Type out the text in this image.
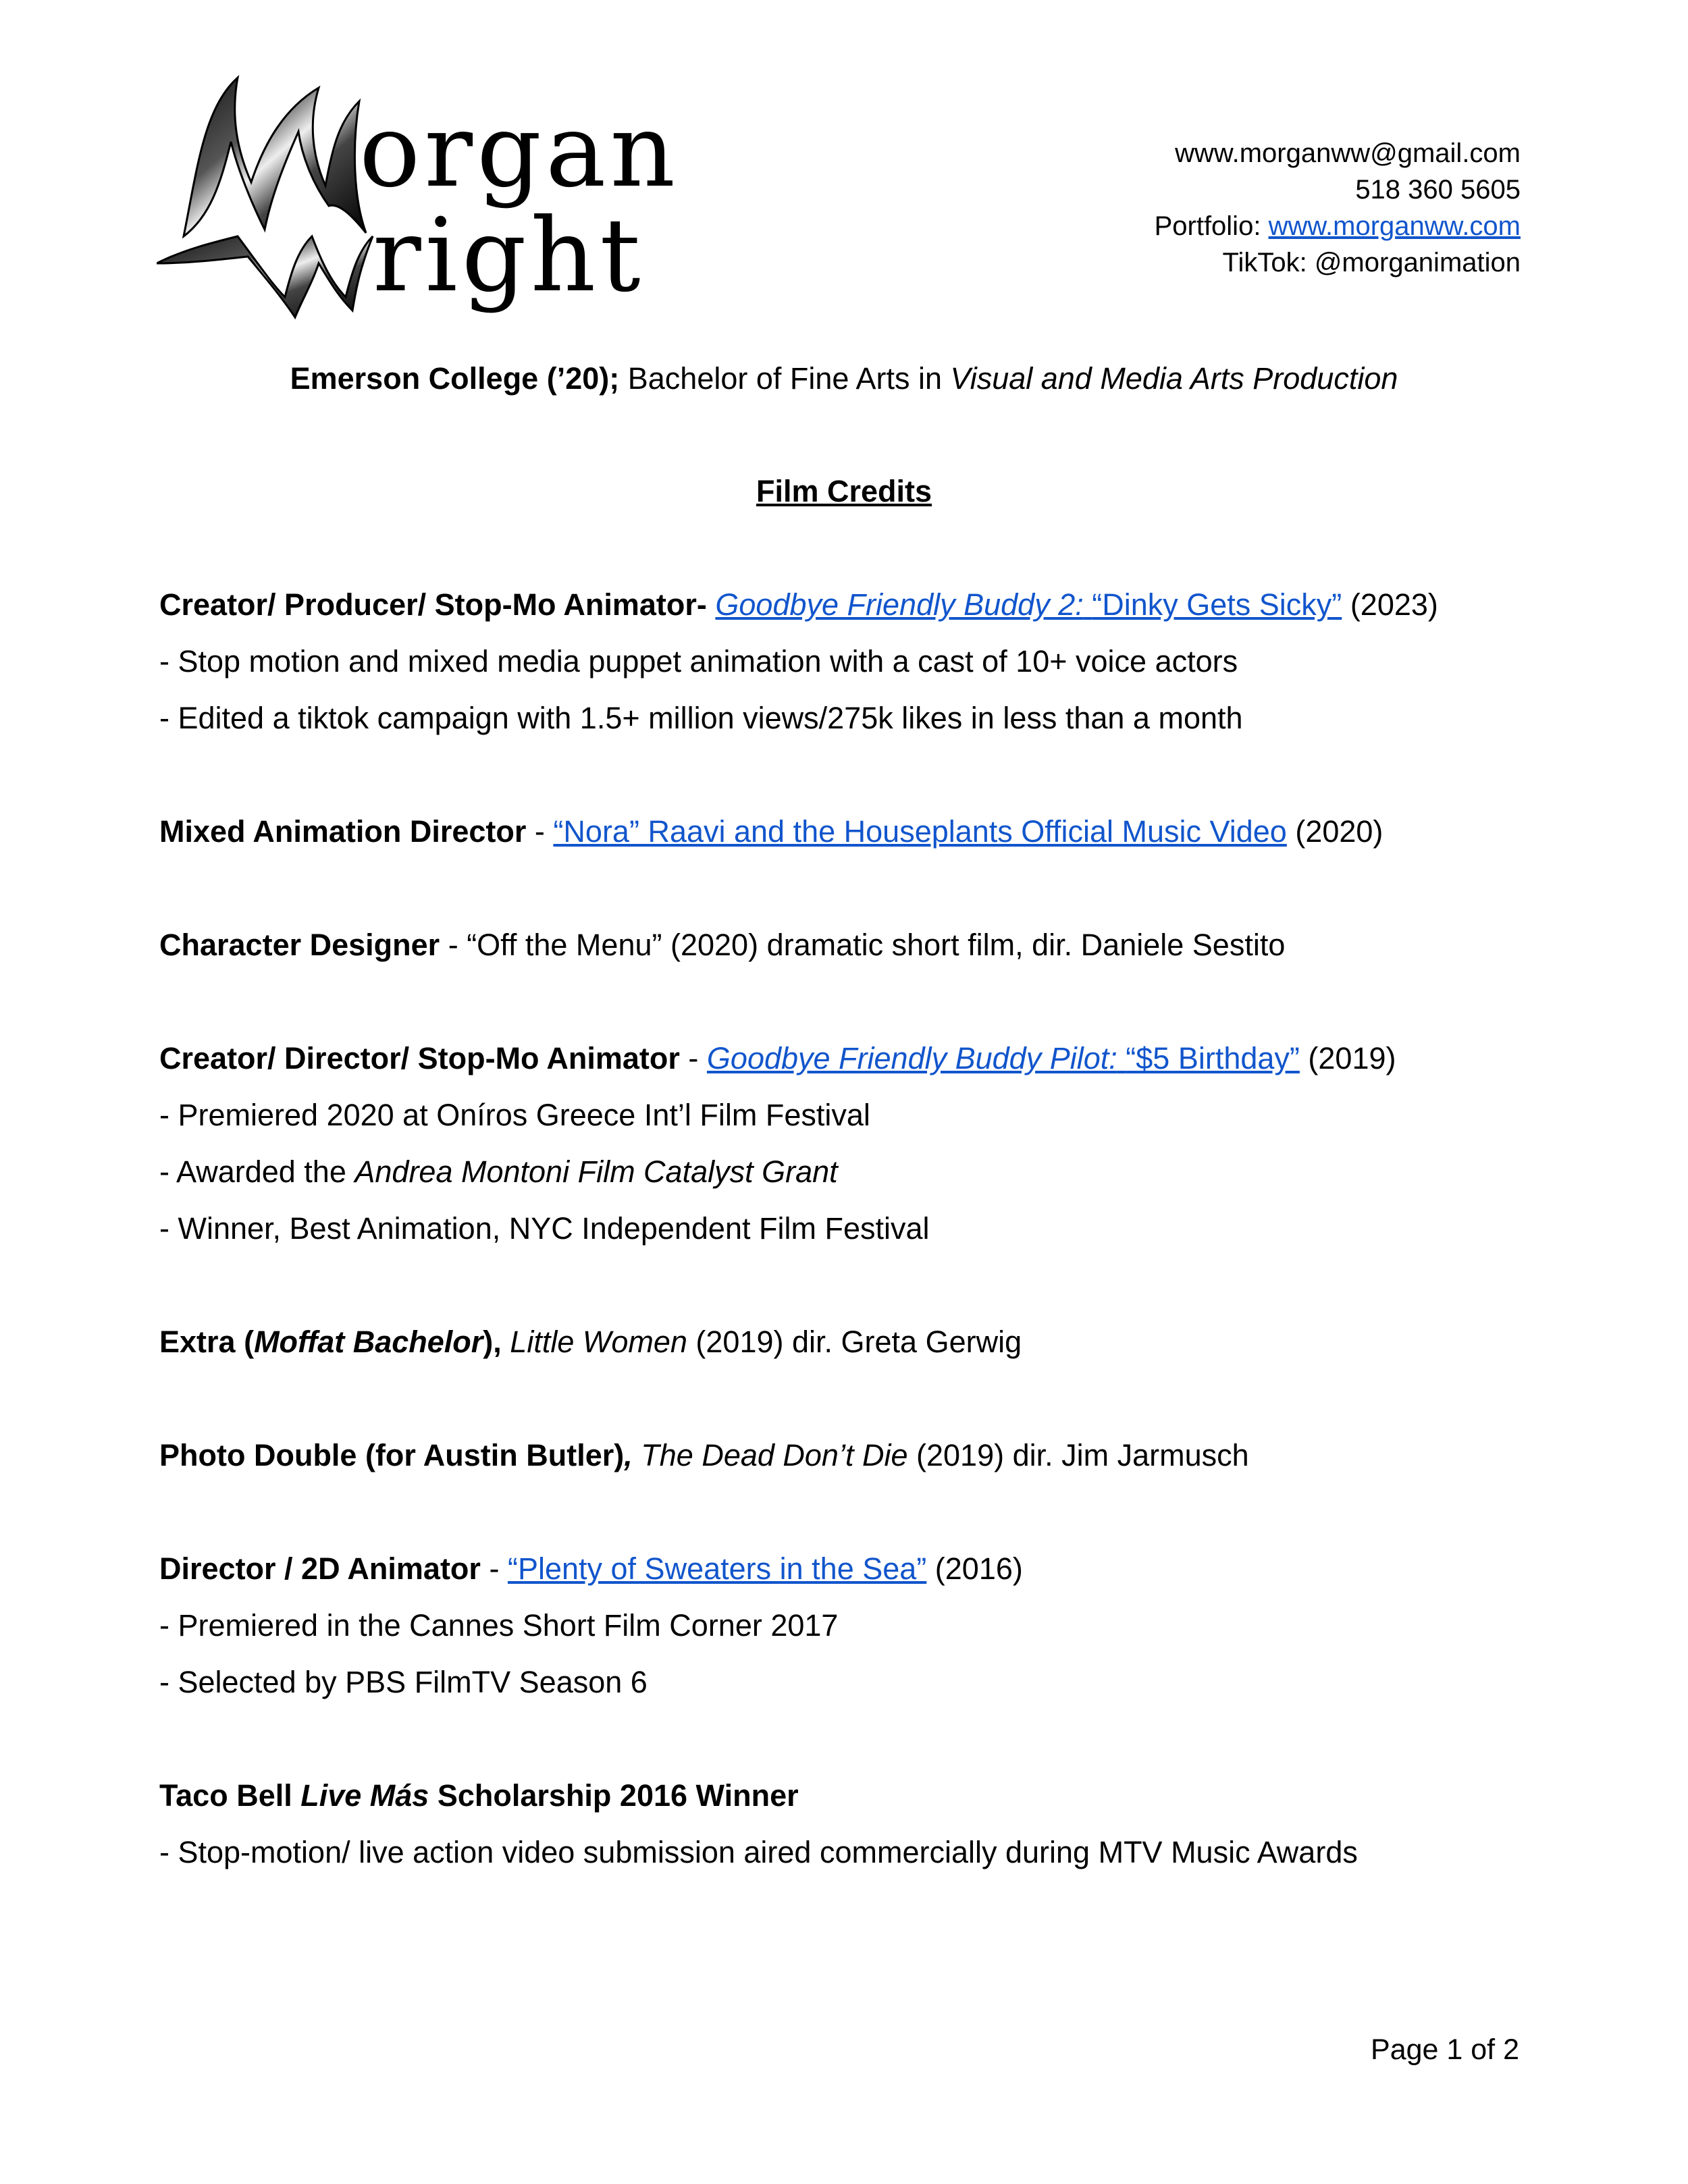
organ
right
www.morganww@gmail.com
518 360 5605
Portfolio: www.morganww.com
TikTok: @morganimation
Emerson College (’20); Bachelor of Fine Arts in Visual and Media Arts Production
Film Credits
Creator/ Producer/ Stop-Mo Animator- Goodbye Friendly Buddy 2: “Dinky Gets Sicky” (2023)
- Stop motion and mixed media puppet animation with a cast of 10+ voice actors
- Edited a tiktok campaign with 1.5+ million views/275k likes in less than a month
Mixed Animation Director - “Nora” Raavi and the Houseplants Official Music Video (2020)
Character Designer - “Off the Menu” (2020) dramatic short film, dir. Daniele Sestito
Creator/ Director/ Stop-Mo Animator - Goodbye Friendly Buddy Pilot: “$5 Birthday” (2019)
- Premiered 2020 at Oníros Greece Int’l Film Festival
- Awarded the Andrea Montoni Film Catalyst Grant
- Winner, Best Animation, NYC Independent Film Festival
Extra (Moffat Bachelor), Little Women (2019) dir. Greta Gerwig
Photo Double (for Austin Butler), The Dead Don’t Die (2019) dir. Jim Jarmusch
Director / 2D Animator - “Plenty of Sweaters in the Sea” (2016)
- Premiered in the Cannes Short Film Corner 2017
- Selected by PBS FilmTV Season 6
Taco Bell Live Más Scholarship 2016 Winner
- Stop-motion/ live action video submission aired commercially during MTV Music Awards
Page 1 of 2
